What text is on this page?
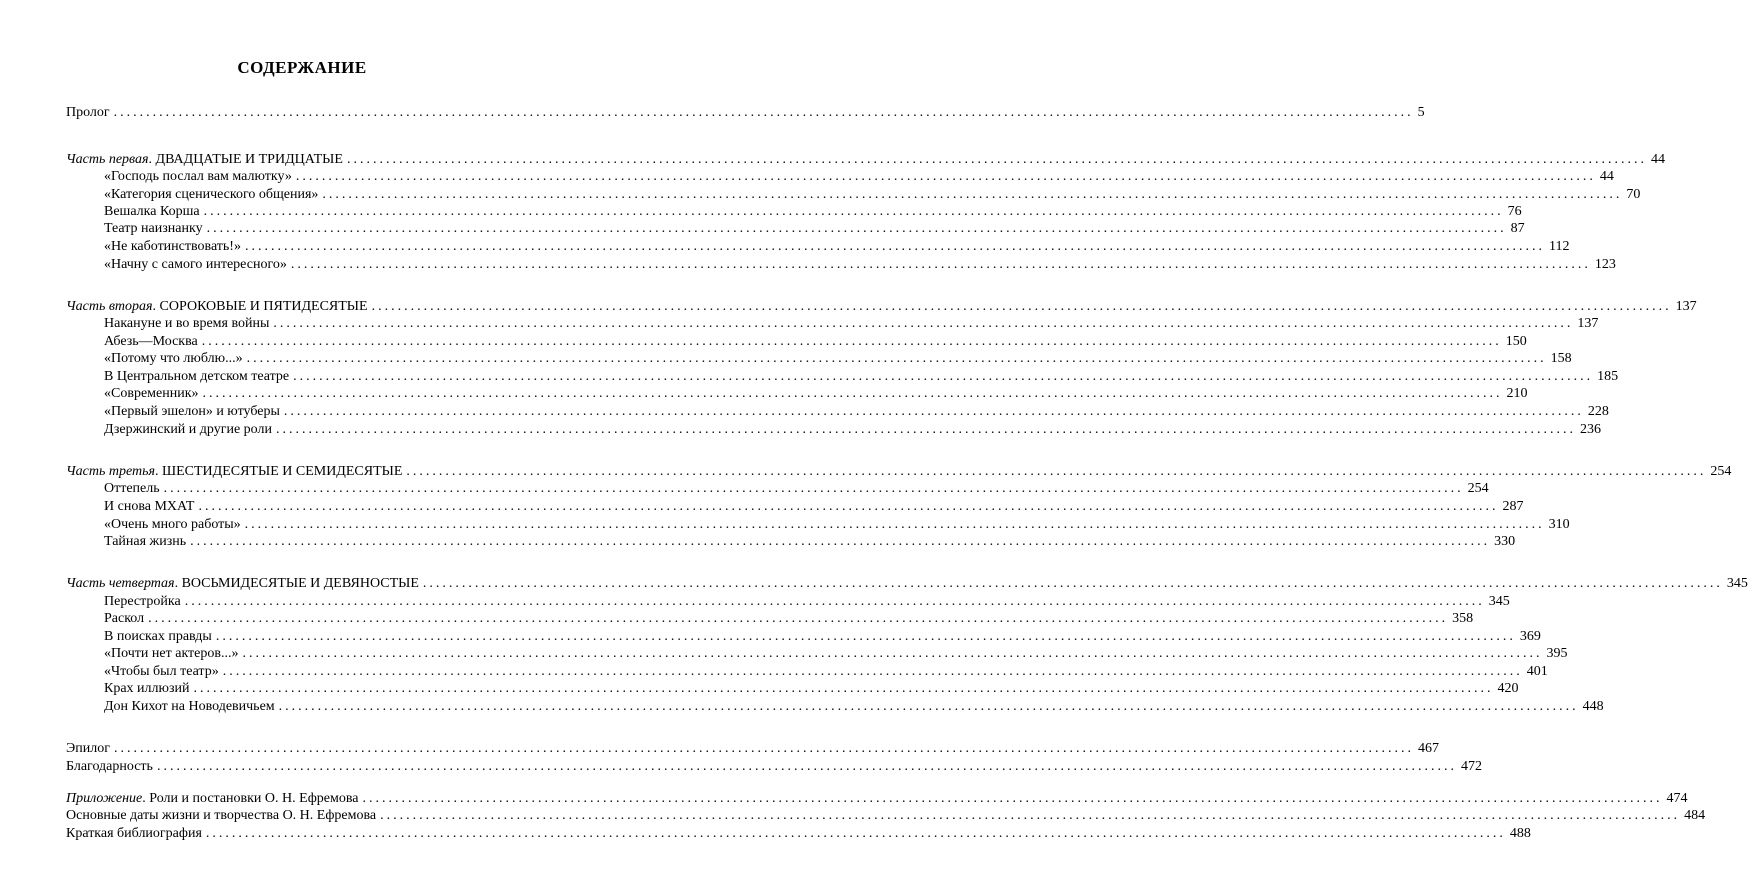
СОДЕРЖАНИЕ
Пролог ........................................................................................................................................................................................................ 5
Часть первая. ДВАДЦАТЫЕ И ТРИДЦАТЫЕ ........................................................................................................................................................................................................ 44
«Господь послал вам малютку» ........................................................................................................................................................................................................ 44
«Категория сценического общения» ........................................................................................................................................................................................................ 70
Вешалка Корша ........................................................................................................................................................................................................ 76
Театр наизнанку ........................................................................................................................................................................................................ 87
«Не каботинствовать!» ........................................................................................................................................................................................................ 112
«Начну с самого интересного» ........................................................................................................................................................................................................ 123
Часть вторая. СОРОКОВЫЕ И ПЯТИДЕСЯТЫЕ ........................................................................................................................................................................................................ 137
Накануне и во время войны ........................................................................................................................................................................................................ 137
Абезь—Москва ........................................................................................................................................................................................................ 150
«Потому что люблю...» ........................................................................................................................................................................................................ 158
В Центральном детском театре ........................................................................................................................................................................................................ 185
«Современник» ........................................................................................................................................................................................................ 210
«Первый эшелон» и ютуберы ........................................................................................................................................................................................................ 228
Дзержинский и другие роли ........................................................................................................................................................................................................ 236
Часть третья. ШЕСТИДЕСЯТЫЕ И СЕМИДЕСЯТЫЕ ........................................................................................................................................................................................................ 254
Оттепель ........................................................................................................................................................................................................ 254
И снова МХАТ ........................................................................................................................................................................................................ 287
«Очень много работы» ........................................................................................................................................................................................................ 310
Тайная жизнь ........................................................................................................................................................................................................ 330
Часть четвертая. ВОСЬМИДЕСЯТЫЕ И ДЕВЯНОСТЫЕ ........................................................................................................................................................................................................ 345
Перестройка ........................................................................................................................................................................................................ 345
Раскол ........................................................................................................................................................................................................ 358
В поисках правды ........................................................................................................................................................................................................ 369
«Почти нет актеров...» ........................................................................................................................................................................................................ 395
«Чтобы был театр» ........................................................................................................................................................................................................ 401
Крах иллюзий ........................................................................................................................................................................................................ 420
Дон Кихот на Новодевичьем ........................................................................................................................................................................................................ 448
Эпилог ........................................................................................................................................................................................................ 467
Благодарность ........................................................................................................................................................................................................ 472
Приложение. Роли и постановки О. Н. Ефремова ........................................................................................................................................................................................................ 474
Основные даты жизни и творчества О. Н. Ефремова ........................................................................................................................................................................................................ 484
Краткая библиография ........................................................................................................................................................................................................ 488
